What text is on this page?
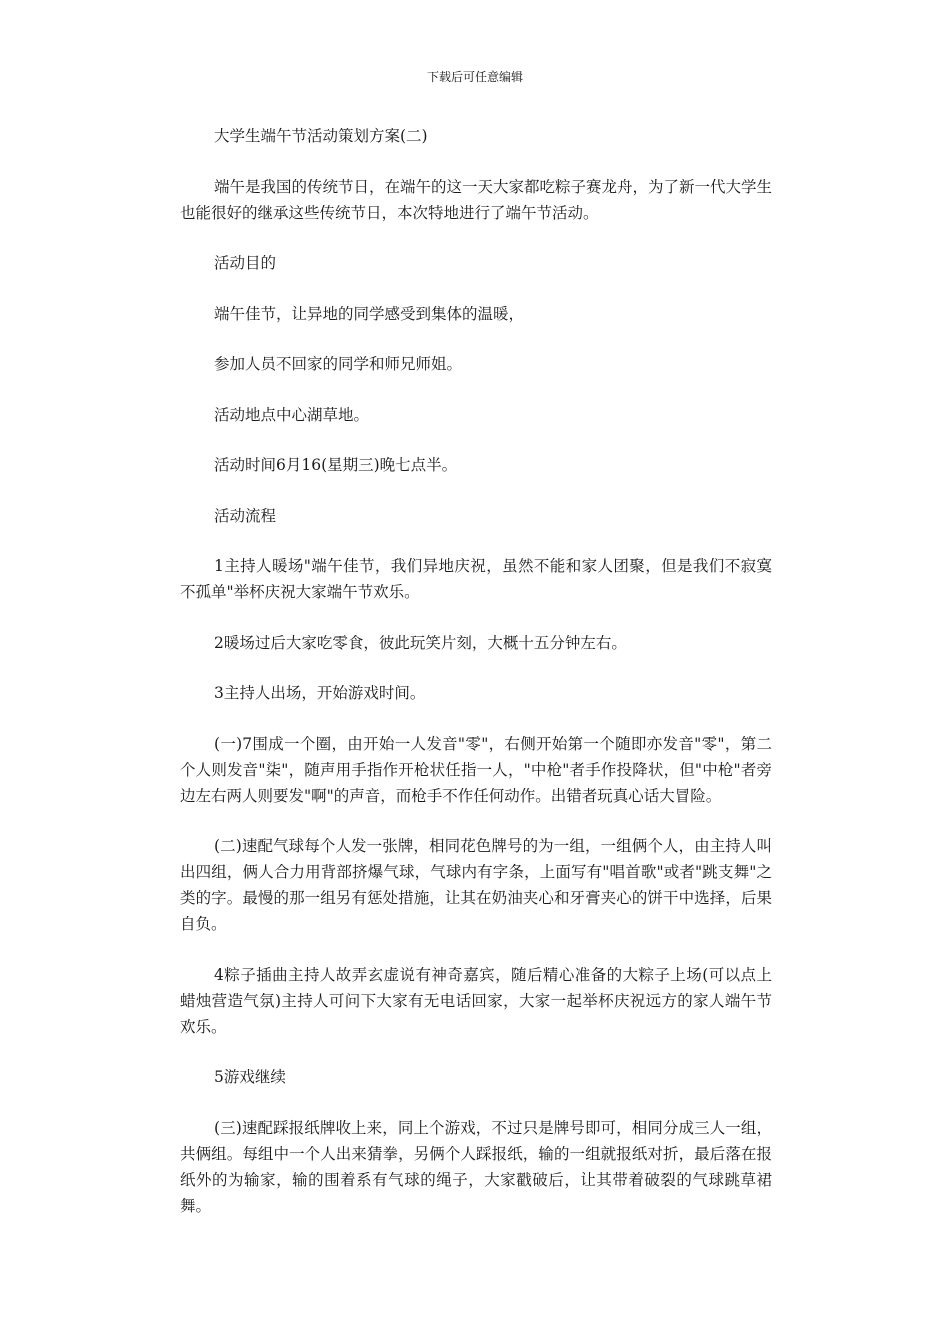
下载后可任意编辑

大学生端午节活动策划方案(二)

端午是我国的传统节日，在端午的这一天大家都吃粽子赛龙舟，为了新一代大学生也能很好的继承这些传统节日，本次特地进行了端午节活动。

活动目的

端午佳节，让异地的同学感受到集体的温暖，

参加人员不回家的同学和师兄师姐。

活动地点中心湖草地。

活动时间6月16(星期三)晚七点半。

活动流程

1主持人暖场"端午佳节，我们异地庆祝，虽然不能和家人团聚，但是我们不寂寞不孤单"举杯庆祝大家端午节欢乐。

2暖场过后大家吃零食，彼此玩笑片刻，大概十五分钟左右。

3主持人出场，开始游戏时间。

(一)7围成一个圈，由开始一人发音"零"，右侧开始第一个随即亦发音"零"，第二个人则发音"柒"，随声用手指作开枪状任指一人，"中枪"者手作投降状，但"中枪"者旁边左右两人则要发"啊"的声音，而枪手不作任何动作。出错者玩真心话大冒险。

(二)速配气球每个人发一张牌，相同花色牌号的为一组，一组俩个人，由主持人叫出四组，俩人合力用背部挤爆气球，气球内有字条，上面写有"唱首歌"或者"跳支舞"之类的字。最慢的那一组另有惩处措施，让其在奶油夹心和牙膏夹心的饼干中选择，后果自负。

4粽子插曲主持人故弄玄虚说有神奇嘉宾，随后精心准备的大粽子上场(可以点上蜡烛营造气氛)主持人可问下大家有无电话回家，大家一起举杯庆祝远方的家人端午节欢乐。

5游戏继续

(三)速配踩报纸牌收上来，同上个游戏，不过只是牌号即可，相同分成三人一组，共俩组。每组中一个人出来猜拳，另俩个人踩报纸，输的一组就报纸对折，最后落在报纸外的为输家，输的围着系有气球的绳子，大家戳破后，让其带着破裂的气球跳草裙舞。
